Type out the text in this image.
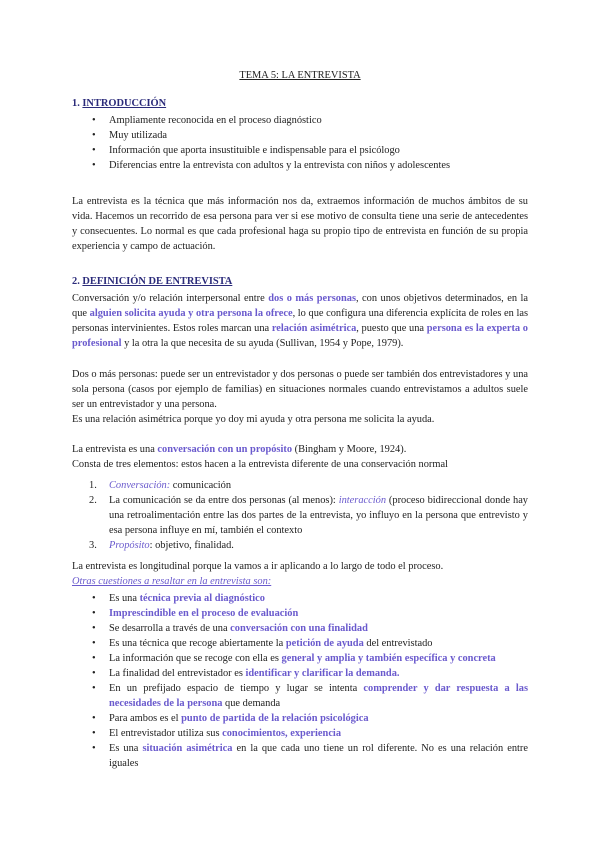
TEMA 5: LA ENTREVISTA
1. INTRODUCCIÓN
• Ampliamente reconocida en el proceso diagnóstico
• Muy utilizada
• Información que aporta insustituible e indispensable para el psicólogo
• Diferencias entre la entrevista con adultos y la entrevista con niños y adolescentes

La entrevista es la técnica que más información nos da, extraemos información de muchos ámbitos de su vida. Hacemos un recorrido de esa persona para ver si ese motivo de consulta tiene una serie de antecedentes y consecuentes. Lo normal es que cada profesional haga su propio tipo de entrevista en función de su propia experiencia y campo de actuación.

2. DEFINICIÓN DE ENTREVISTA

Conversación y/o relación interpersonal entre dos o más personas, con unos objetivos determinados, en la que alguien solicita ayuda y otra persona la ofrece, lo que configura una diferencia explícita de roles en las personas intervinientes. Estos roles marcan una relación asimétrica, puesto que una persona es la experta o profesional y la otra la que necesita de su ayuda (Sullivan, 1954 y Pope, 1979).

Dos o más personas: puede ser un entrevistador y dos personas o puede ser también dos entrevistadores y una sola persona (casos por ejemplo de familias) en situaciones normales cuando entrevistamos a adultos suele ser un entrevistador y una persona.

Es una relación asimétrica porque yo doy mi ayuda y otra persona me solicita la ayuda.

La entrevista es una conversación con un propósito (Bingham y Moore, 1924).

Consta de tres elementos: estos hacen a la entrevista diferente de una conservación normal

1. Conversación: comunicación
2. La comunicación se da entre dos personas (al menos): interacción (proceso bidireccional donde hay una retroalimentación entre las dos partes de la entrevista, yo influyo en la persona que entrevisto y esa persona influye en mí, también el contexto
3. Propósito: objetivo, finalidad.

La entrevista es longitudinal porque la vamos a ir aplicando a lo largo de todo el proceso.

Otras cuestiones a resaltar en la entrevista son:

• Es una técnica previa al diagnóstico
• Imprescindible en el proceso de evaluación
• Se desarrolla a través de una conversación con una finalidad
• Es una técnica que recoge abiertamente la petición de ayuda del entrevistado
• La información que se recoge con ella es general y amplia y también específica y concreta
• La finalidad del entrevistador es identificar y clarificar la demanda.
• En un prefijado espacio de tiempo y lugar se intenta comprender y dar respuesta a las necesidades de la persona que demanda
• Para ambos es el punto de partida de la relación psicológica
• El entrevistador utiliza sus conocimientos, experiencia
• Es una situación asimétrica en la que cada uno tiene un rol diferente. No es una relación entre iguales
